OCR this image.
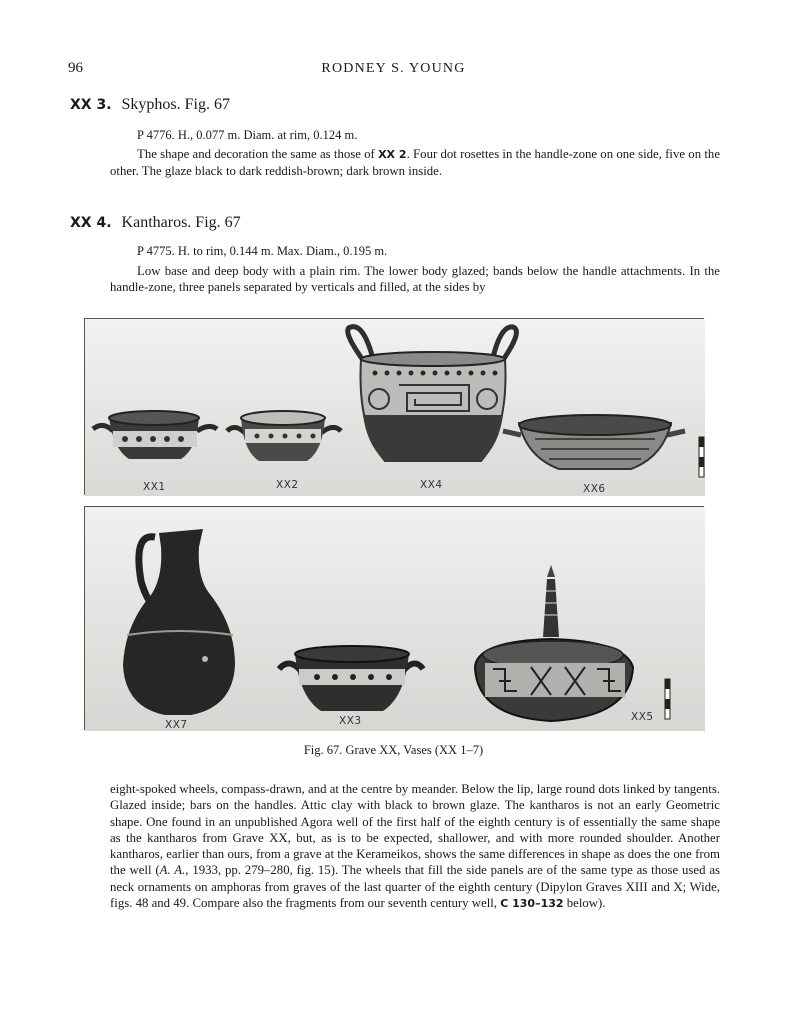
96	RODNEY S. YOUNG
XX 3. Skyphos. Fig. 67
P 4776. H., 0.077 m. Diam. at rim, 0.124 m.

The shape and decoration the same as those of XX 2. Four dot rosettes in the handle-zone on one side, five on the other. The glaze black to dark reddish-brown; dark brown inside.

XX 4. Kantharos. Fig. 67
P 4775. H. to rim, 0.144 m. Max. Diam., 0.195 m.

Low base and deep body with a plain rim. The lower body glazed; bands below the handle attachments. In the handle-zone, three panels separated by verticals and filled, at the sides by

XX1	XX2	XX4	XX6
XX7	XX3	XX5
Fig. 67. Grave XX, Vases (XX 1–7)

eight-spoked wheels, compass-drawn, and at the centre by meander. Below the lip, large round dots linked by tangents. Glazed inside; bars on the handles. Attic clay with black to brown glaze. The kantharos is not an early Geometric shape. One found in an unpublished Agora well of the first half of the eighth century is of essentially the same shape as the kantharos from Grave XX, but, as is to be expected, shallower, and with more rounded shoulder. Another kantharos, earlier than ours, from a grave at the Kerameikos, shows the same differences in shape as does the one from the well (A. A., 1933, pp. 279–280, fig. 15). The wheels that fill the side panels are of the same type as those used as neck ornaments on amphoras from graves of the last quarter of the eighth century (Dipylon Graves XIII and X; Wide, figs. 48 and 49. Compare also the fragments from our seventh century well, C 130–132 below).
